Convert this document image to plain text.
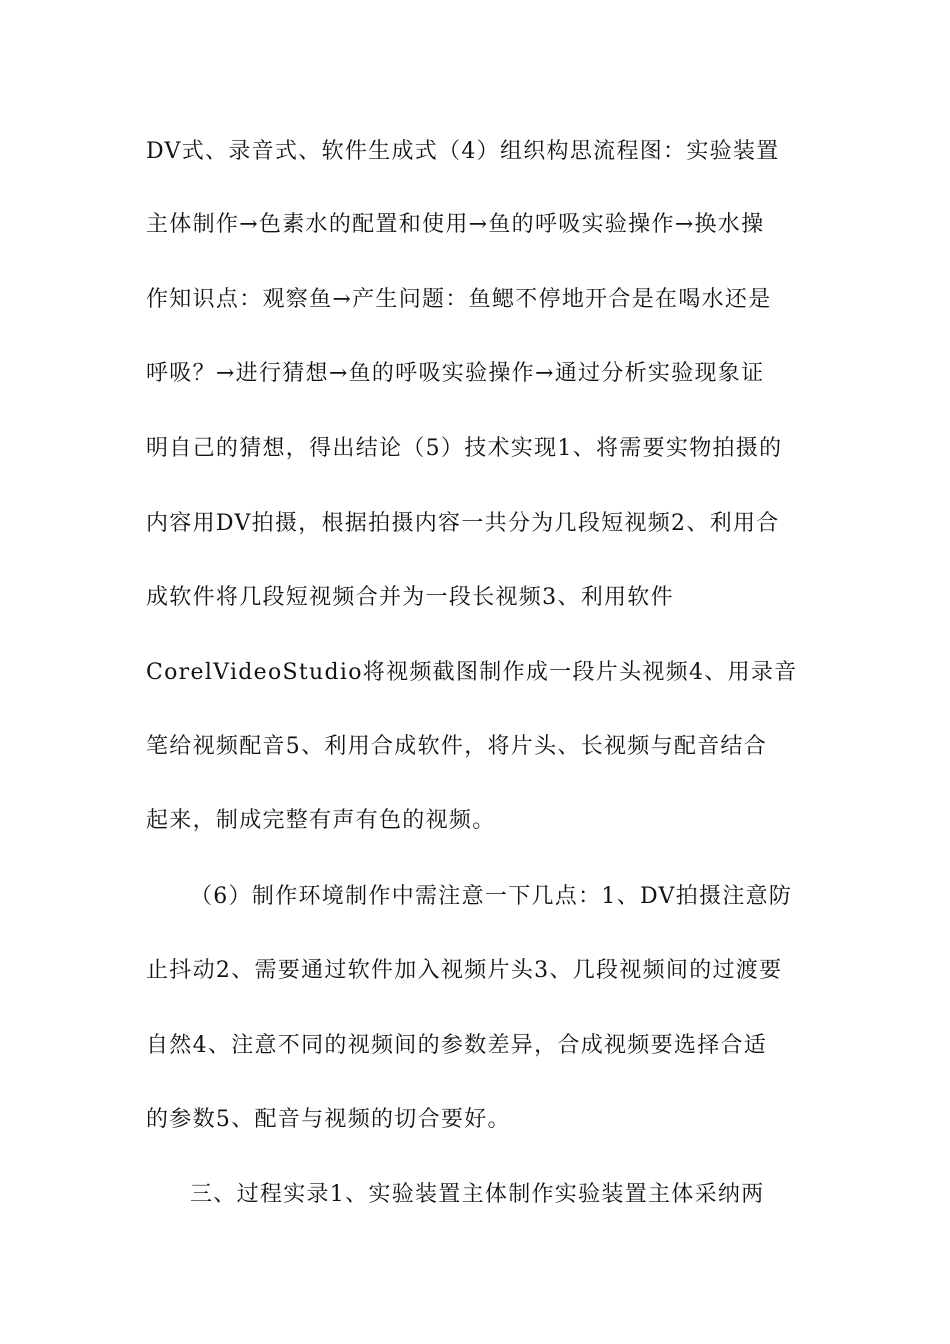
DV式、录音式、软件生成式（4）组织构思流程图：实验装置
主体制作→色素水的配置和使用→鱼的呼吸实验操作→换水操
作知识点：观察鱼→产生问题：鱼鳃不停地开合是在喝水还是
呼吸？→进行猜想→鱼的呼吸实验操作→通过分析实验现象证
明自己的猜想，得出结论（5）技术实现1、将需要实物拍摄的
内容用DV拍摄，根据拍摄内容一共分为几段短视频2、利用合
成软件将几段短视频合并为一段长视频3、利用软件
CorelVideoStudio将视频截图制作成一段片头视频4、用录音
笔给视频配音5、利用合成软件，将片头、长视频与配音结合
起来，制成完整有声有色的视频。
（6）制作环境制作中需注意一下几点：1、DV拍摄注意防
止抖动2、需要通过软件加入视频片头3、几段视频间的过渡要
自然4、注意不同的视频间的参数差异，合成视频要选择合适
的参数5、配音与视频的切合要好。
三、过程实录1、实验装置主体制作实验装置主体采纳两
